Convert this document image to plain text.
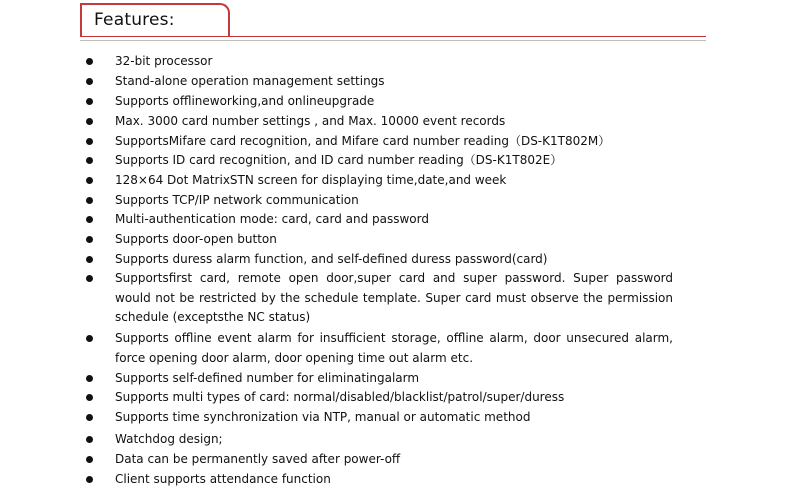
Features:
32-bit processor
Stand-alone operation management settings
Supports offlineworking,and onlineupgrade
Max. 3000 card number settings , and Max. 10000 event records
SupportsMifare card recognition, and Mifare card number reading（DS-K1T802M）
Supports ID card recognition, and ID card number reading（DS-K1T802E）
128×64 Dot MatrixSTN screen for displaying time,date,and week
Supports TCP/IP network communication
Multi-authentication mode: card, card and password
Supports door-open button
Supports duress alarm function, and self-defined duress password(card)
Supportsfirst card, remote open door,super card and super password. Super password would not be restricted by the schedule template. Super card must observe the permission schedule (exceptsthe NC status)
Supports offline event alarm for insufficient storage, offline alarm, door unsecured alarm, force opening door alarm, door opening time out alarm etc.
Supports self-defined number for eliminatingalarm
Supports multi types of card: normal/disabled/blacklist/patrol/super/duress
Supports time synchronization via NTP, manual or automatic method
Watchdog design;
Data can be permanently saved after power-off
Client supports attendance function
